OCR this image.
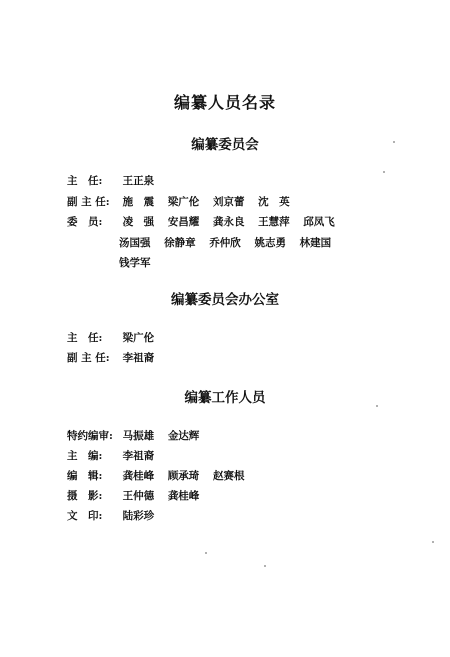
编纂人员名录
编纂委员会
主　任: 王正泉
副 主 任: 施　震 梁广伦 刘京蕾 沈　英
委　员: 凌　强 安昌耀 龚永良 王慧萍 邱凤飞
汤国强 徐静章 乔仲欣 姚志勇 林建国
钱学军
编纂委员会办公室
主　任: 梁广伦
副 主 任: 李祖裔
编纂工作人员
特约编审: 马振雄 金达辉
主　编: 李祖裔
编　辑: 龚桂峰 顾承琦 赵赛根
摄　影: 王仲德 龚桂峰
文　印: 陆彩珍
